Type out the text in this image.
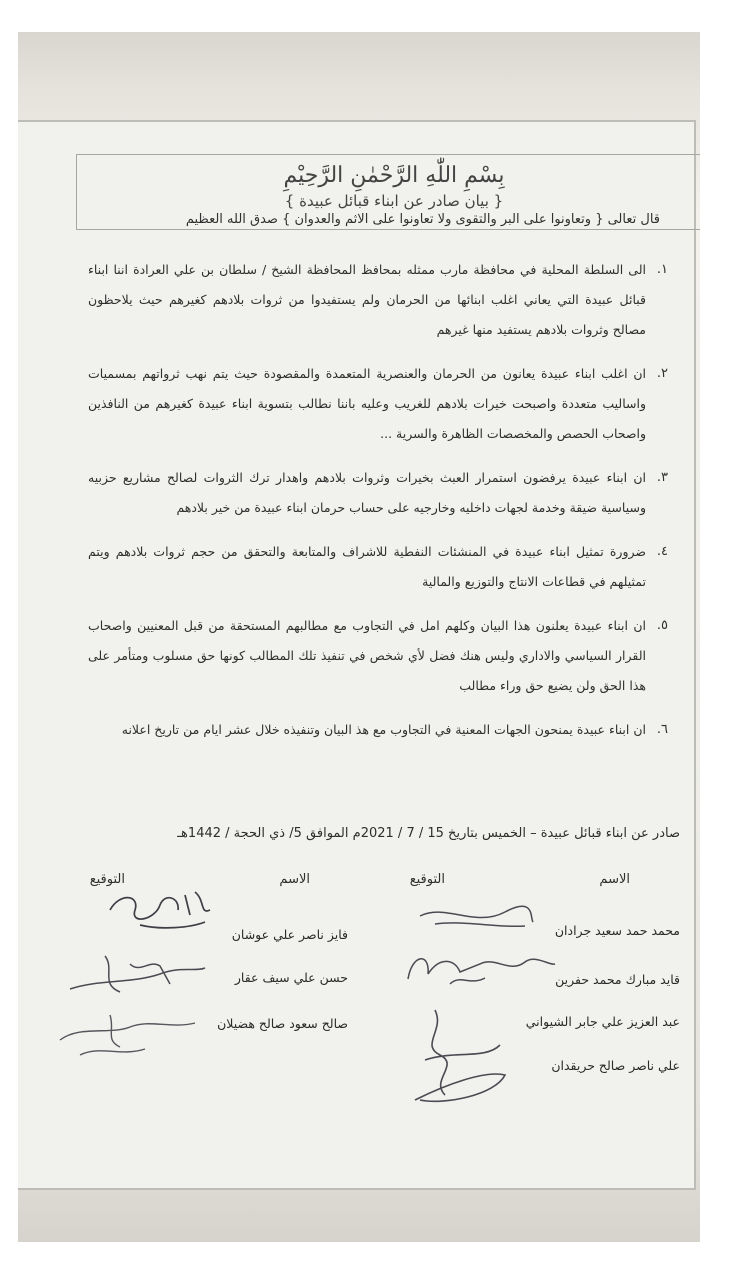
بِسْمِ اللّٰهِ الرَّحْمٰنِ الرَّحِيْمِ
{ بيان صادر عن ابناء قبائل عبيدة }
قال تعالى { وتعاونوا على البر والتقوى ولا تعاونوا على الاثم والعدوان } صدق الله العظيم
١.
الى السلطة المحلية في محافظة مارب ممثله بمحافظ المحافظة الشيخ / سلطان بن علي العرادة اننا ابناء قبائل عبيدة التي يعاني اغلب ابنائها من الحرمان ولم يستفيدوا من ثروات بلادهم كغيرهم حيث يلاحظون مصالح وثروات بلادهم يستفيد منها غيرهم
٢.
ان اغلب ابناء عبيدة يعانون من الحرمان والعنصرية المتعمدة والمقصودة حيث يتم نهب ثرواتهم بمسميات واساليب متعددة واصبحت خيرات بلادهم للغريب وعليه باننا نطالب بتسوية ابناء عبيدة كغيرهم من النافذين واصحاب الحصص والمخصصات الظاهرة والسرية ...
٣.
ان ابناء عبيدة يرفضون استمرار العبث بخيرات وثروات بلادهم واهدار ترك الثروات لصالح مشاريع حزبيه وسياسية ضيقة وخدمة لجهات داخليه وخارجيه على حساب حرمان ابناء عبيدة من خير بلادهم
٤.
ضرورة تمثيل ابناء عبيدة في المنشئات النفطية للاشراف والمتابعة والتحقق من حجم ثروات بلادهم ويتم تمثيلهم في قطاعات الانتاج والتوزيع والمالية
٥.
ان ابناء عبيدة يعلنون هذا البيان وكلهم امل في التجاوب مع مطالبهم المستحقة من قبل المعنيين واصحاب القرار السياسي والاداري وليس هنك فضل لأي شخص في تنفيذ تلك المطالب كونها حق مسلوب ومتأمر على هذا الحق ولن يضيع حق وراء مطالب
٦.
ان ابناء عبيدة يمنحون الجهات المعنية في التجاوب مع هذ البيان وتنفيذه خلال عشر ايام من تاريخ اعلانه
صادر عن ابناء قبائل عبيدة – الخميس بتاريخ 15 / 7 / 2021م الموافق 5/ ذي الحجة / 1442هـ
الاسم
التوقيع
الاسم
التوقيع
محمد حمد سعيد جرادان
قايد مبارك محمد حفرين
عبد العزيز علي جابر الشيواني
علي ناصر صالح حريقدان
فايز ناصر علي عوشان
حسن علي سيف عقار
صالح سعود صالح هضيلان
